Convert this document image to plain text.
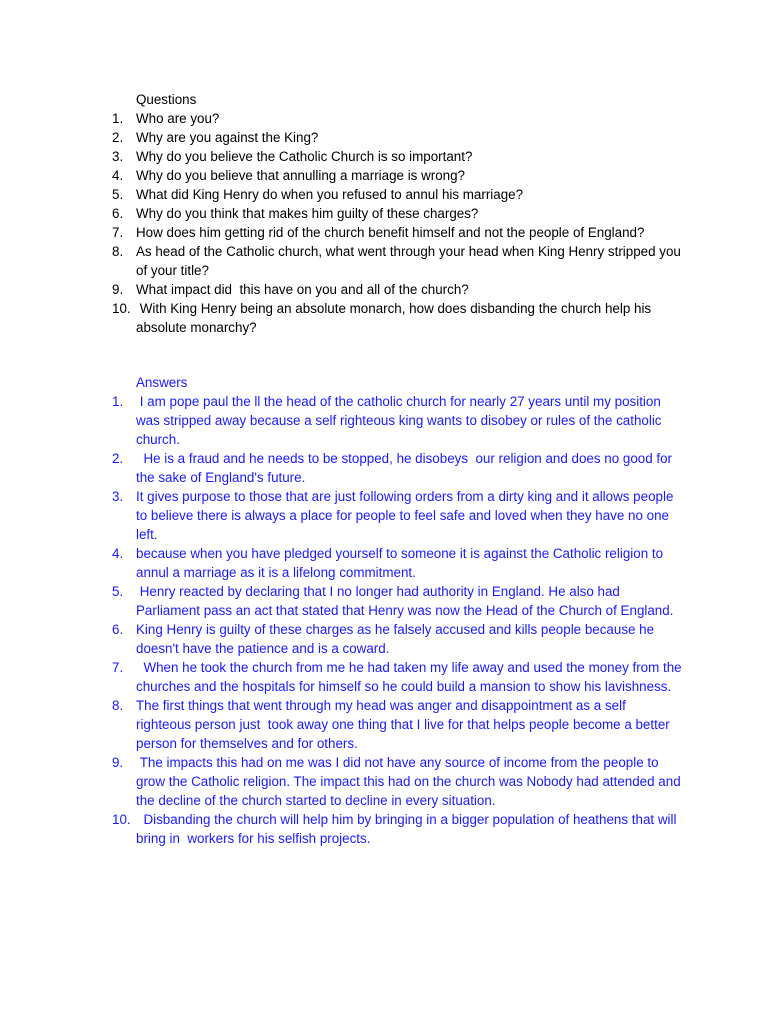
Questions
1. Who are you?
2. Why are you against the King?
3. Why do you believe the Catholic Church is so important?
4. Why do you believe that annulling a marriage is wrong?
5. What did King Henry do when you refused to annul his marriage?
6. Why do you think that makes him guilty of these charges?
7. How does him getting rid of the church benefit himself and not the people of England?
8. As head of the Catholic church, what went through your head when King Henry stripped you of your title?
9. What impact did  this have on you and all of the church?
10. With King Henry being an absolute monarch, how does disbanding the church help his absolute monarchy?
Answers
1. I am pope paul the ll the head of the catholic church for nearly 27 years until my position was stripped away because a self righteous king wants to disobey or rules of the catholic church.
2. He is a fraud and he needs to be stopped, he disobeys  our religion and does no good for the sake of England's future.
3. It gives purpose to those that are just following orders from a dirty king and it allows people to believe there is always a place for people to feel safe and loved when they have no one left.
4. because when you have pledged yourself to someone it is against the Catholic religion to annul a marriage as it is a lifelong commitment.
5. Henry reacted by declaring that I no longer had authority in England. He also had Parliament pass an act that stated that Henry was now the Head of the Church of England.
6. King Henry is guilty of these charges as he falsely accused and kills people because he doesn't have the patience and is a coward.
7. When he took the church from me he had taken my life away and used the money from the churches and the hospitals for himself so he could build a mansion to show his lavishness.
8. The first things that went through my head was anger and disappointment as a self righteous person just  took away one thing that I live for that helps people become a better person for themselves and for others.
9. The impacts this had on me was I did not have any source of income from the people to grow the Catholic religion. The impact this had on the church was Nobody had attended and the decline of the church started to decline in every situation.
10. Disbanding the church will help him by bringing in a bigger population of heathens that will bring in  workers for his selfish projects.
